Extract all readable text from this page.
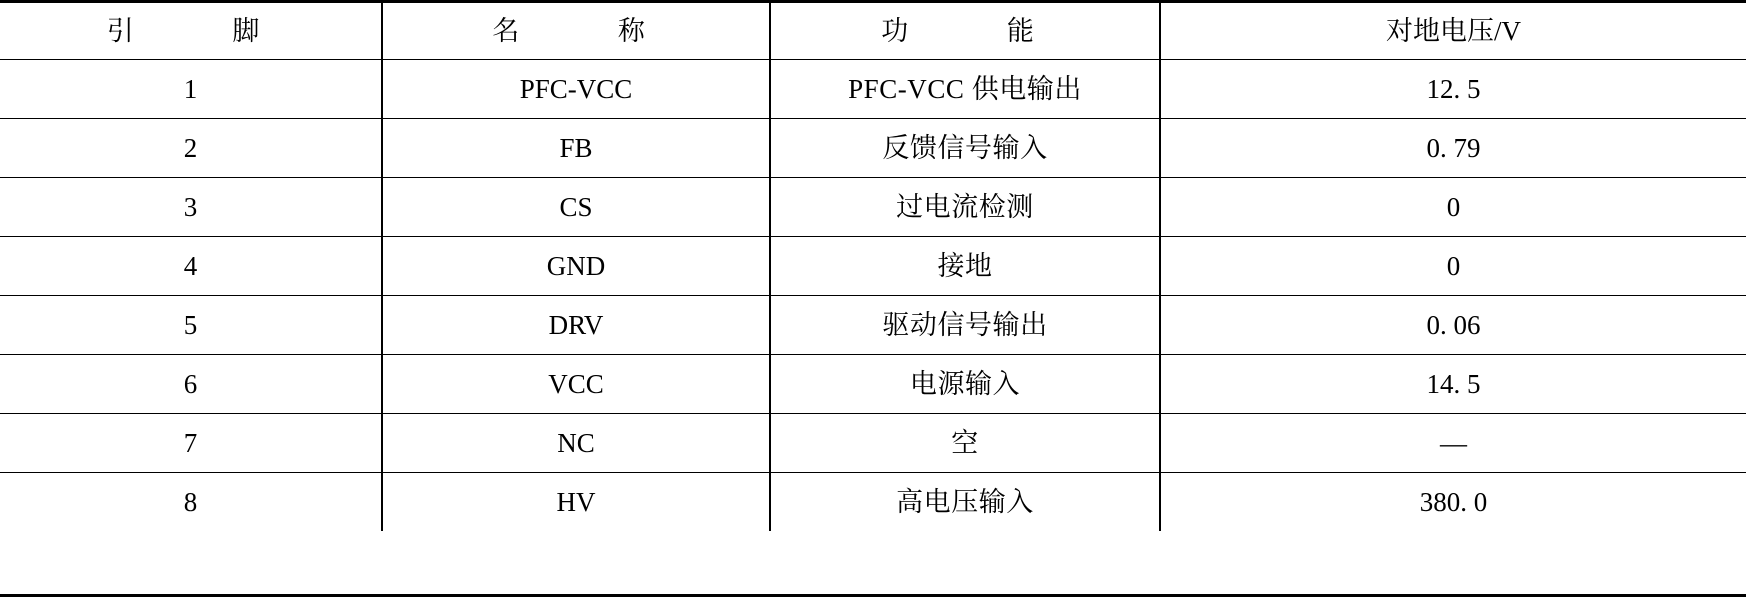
引　　脚	名　　称	功　　能	对地电压/V
1	PFC-VCC	PFC-VCC 供电输出	12. 5
2	FB	反馈信号输入	0. 79
3	CS	过电流检测	0
4	GND	接地	0
5	DRV	驱动信号输出	0. 06
6	VCC	电源输入	14. 5
7	NC	空	—
8	HV	高电压输入	380. 0
